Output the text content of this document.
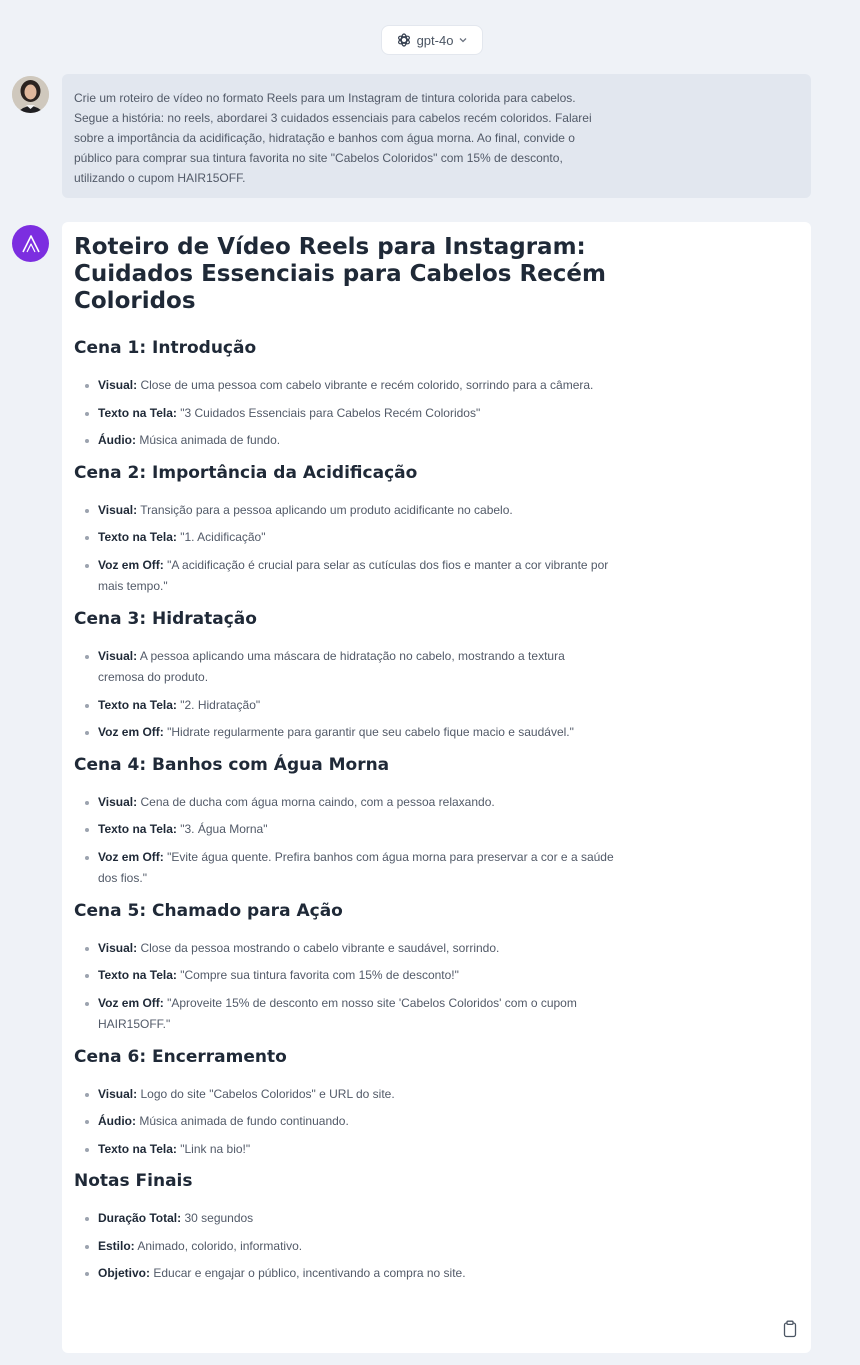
gpt-4o

Crie um roteiro de vídeo no formato Reels para um Instagram de tintura colorida para cabelos. Segue a história: no reels, abordarei 3 cuidados essenciais para cabelos recém coloridos. Falarei sobre a importância da acidificação, hidratação e banhos com água morna. Ao final, convide o público para comprar sua tintura favorita no site "Cabelos Coloridos" com 15% de desconto, utilizando o cupom HAIR15OFF.

Roteiro de Vídeo Reels para Instagram: Cuidados Essenciais para Cabelos Recém Coloridos
Cena 1: Introdução
Visual: Close de uma pessoa com cabelo vibrante e recém colorido, sorrindo para a câmera.
Texto na Tela: "3 Cuidados Essenciais para Cabelos Recém Coloridos"
Áudio: Música animada de fundo.
Cena 2: Importância da Acidificação
Visual: Transição para a pessoa aplicando um produto acidificante no cabelo.
Texto na Tela: "1. Acidificação"
Voz em Off: "A acidificação é crucial para selar as cutículas dos fios e manter a cor vibrante por mais tempo."
Cena 3: Hidratação
Visual: A pessoa aplicando uma máscara de hidratação no cabelo, mostrando a textura cremosa do produto.
Texto na Tela: "2. Hidratação"
Voz em Off: "Hidrate regularmente para garantir que seu cabelo fique macio e saudável."
Cena 4: Banhos com Água Morna
Visual: Cena de ducha com água morna caindo, com a pessoa relaxando.
Texto na Tela: "3. Água Morna"
Voz em Off: "Evite água quente. Prefira banhos com água morna para preservar a cor e a saúde dos fios."
Cena 5: Chamado para Ação
Visual: Close da pessoa mostrando o cabelo vibrante e saudável, sorrindo.
Texto na Tela: "Compre sua tintura favorita com 15% de desconto!"
Voz em Off: "Aproveite 15% de desconto em nosso site 'Cabelos Coloridos' com o cupom HAIR15OFF."
Cena 6: Encerramento
Visual: Logo do site "Cabelos Coloridos" e URL do site.
Áudio: Música animada de fundo continuando.
Texto na Tela: "Link na bio!"
Notas Finais
Duração Total: 30 segundos
Estilo: Animado, colorido, informativo.
Objetivo: Educar e engajar o público, incentivando a compra no site.
